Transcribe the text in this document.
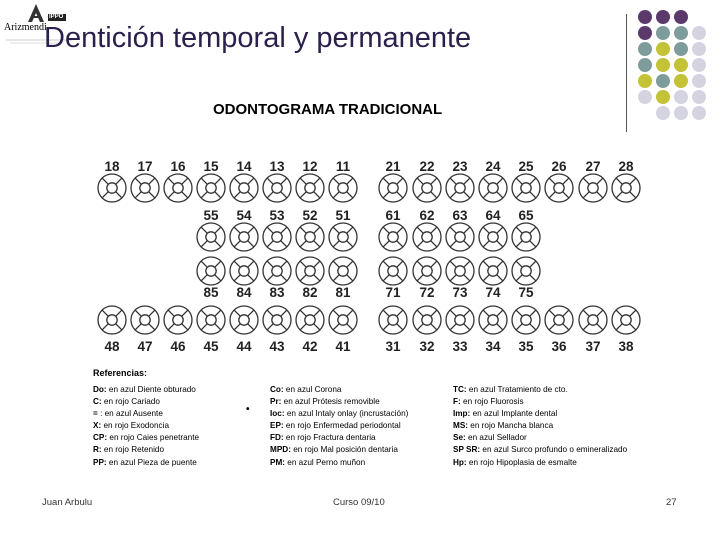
Arizmendi
IPPO
Dentición temporal y permanente
ODONTOGRAMA TRADICIONAL
18 17 16 15 14 13 12 11	21 22 23 24 25 26 27 28
55 54 53 52 51	61 62 63 64 65
85 84 83 82 81	71 72 73 74 75
48 47 46 45 44 43 42 41	31 32 33 34 35 36 37 38
Referencias:
Do: en azul Diente obturado
C: en rojo Cariado
= : en azul Ausente
X: en rojo Exodoncia
CP: en rojo Caies penetrante
R: en rojo Retenido
PP: en azul Pieza de puente
Co: en azul Corona
Pr: en azul Prótesis removible
Ioc: en azul Intaly onlay (incrustación)
EP: en rojo Enfermedad periodontal
FD: en rojo Fractura dentaria
MPD: en rojo Mal posición dentaria
PM: en azul Perno muñon
TC: en azul Tratamiento de cto.
F: en rojo Fluorosis
Imp: en azul Implante dental
MS: en rojo Mancha blanca
Se: en azul Sellador
SP SR: en azul Surco profundo o emineralizado
Hp: en rojo Hipoplasia de esmalte
•
Juan Arbulu	Curso 09/10	27
